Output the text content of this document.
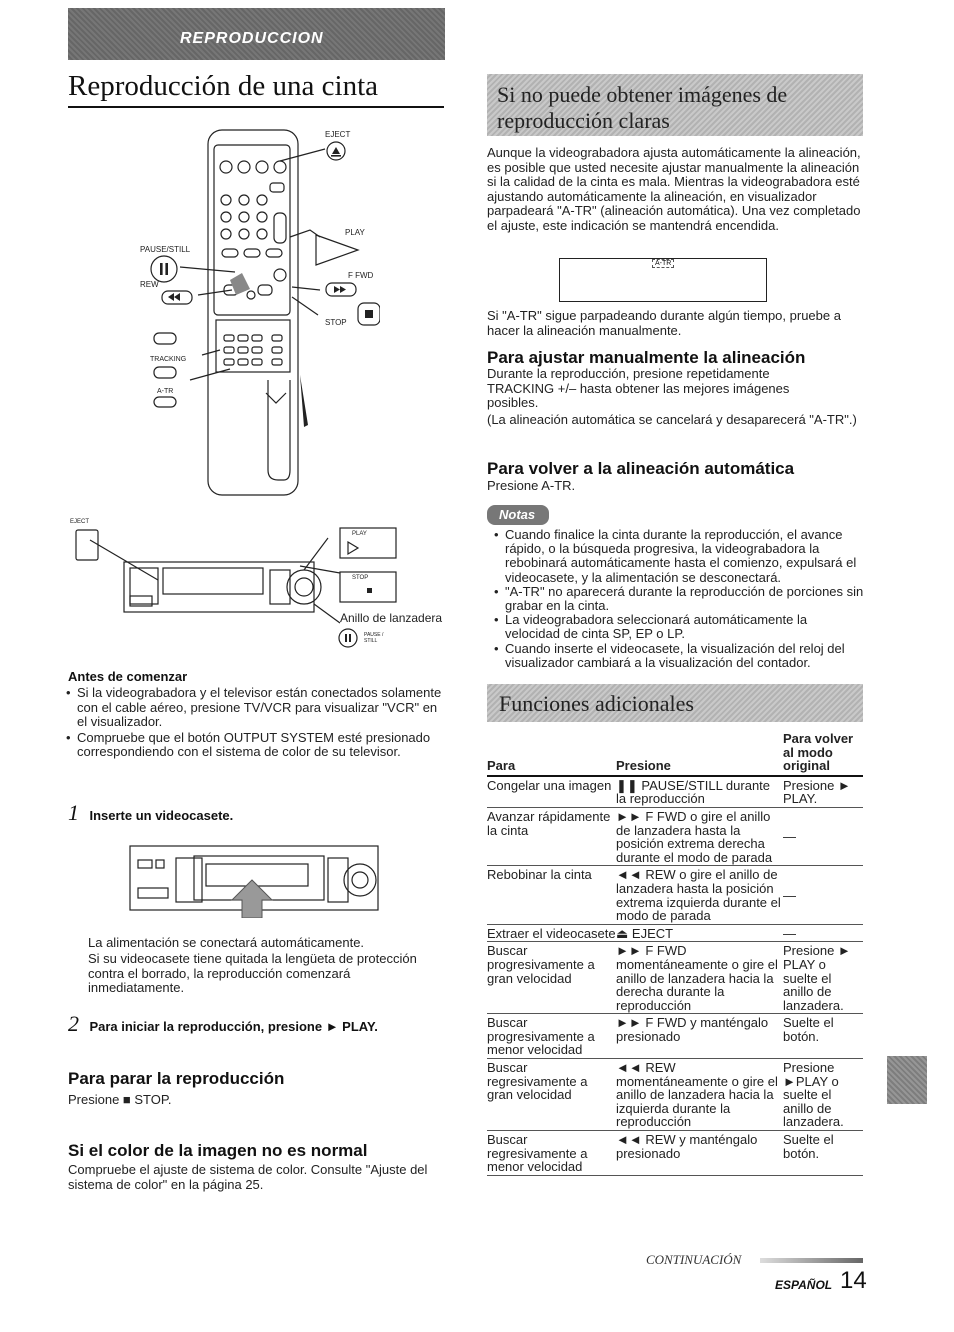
REPRODUCCION
Reproducción de una cinta
EJECT
PLAY
PAUSE/STILL
F FWD
REW
STOP
TRACKING
A-TR
EJECT
PLAY
STOP
Anillo de lanzadera
PAUSE / STILL
Antes de comenzar
• Si la videograbadora y el televisor están conectados solamente con el cable aéreo, presione TV/VCR para visualizar "VCR" en el visualizador.
• Compruebe que el botón OUTPUT SYSTEM esté presionado correspondiendo con el sistema de color de su televisor.
1 Inserte un videocasete.
La alimentación se conectará automáticamente.
Si su videocasete tiene quitada la lengüeta de protección contra el borrado, la reproducción comenzará inmediatamente.
2 Para iniciar la reproducción, presione ► PLAY.
Para parar la reproducción
Presione ■ STOP.
Si el color de la imagen no es normal
Compruebe el ajuste de sistema de color. Consulte "Ajuste del sistema de color" en la página 25.
Si no puede obtener imágenes de
reproducción claras
Aunque la videograbadora ajusta automáticamente la alineación, es posible que usted necesite ajustar manualmente la alineación si la calidad de la cinta es mala. Mientras la videograbadora esté ajustando automáticamente la alineación, en visualizador parpadeará "A-TR" (alineación automática). Una vez completado el ajuste, este indicación se mantendrá encendida.
A-TR
Si "A-TR" sigue parpadeando durante algún tiempo, pruebe a hacer la alineación manualmente.
Para ajustar manualmente la alineación
Durante la reproducción, presione repetidamente TRACKING +/– hasta obtener las mejores imágenes posibles.
(La alineación automática se cancelará y desaparecerá "A-TR".)
Para volver a la alineación automática
Presione A-TR.
Notas
• Cuando finalice la cinta durante la reproducción, el avance rápido, o la búsqueda progresiva, la videograbadora la rebobinará automáticamente hasta el comienzo, expulsará el videocasete, y la alimentación se desconectará.
• "A-TR" no aparecerá durante la reproducción de porciones sin grabar en la cinta.
• La videograbadora seleccionará automáticamente la velocidad de cinta SP, EP o LP.
• Cuando inserte el videocasete, la visualización del reloj del visualizador cambiará a la visualización del contador.
Funciones adicionales
Para	Presione	Para volver al modo original
Congelar una imagen	❚❚ PAUSE/STILL durante la reproducción	Presione ► PLAY.
Avanzar rápidamente la cinta	►► F FWD o gire el anillo de lanzadera hasta la posición extrema derecha durante el modo de parada	—
Rebobinar la cinta	◄◄ REW o gire el anillo de lanzadera hasta la posición extrema izquierda durante el modo de parada	—
Extraer el videocasete	⏏ EJECT	—
Buscar progresivamente a gran velocidad	►► F FWD momentáneamente o gire el anillo de lanzadera hacia la derecha durante la reproducción	Presione ► PLAY o suelte el anillo de lanzadera.
Buscar progresivamente a menor velocidad	►► F FWD y manténgalo presionado	Suelte el botón.
Buscar regresivamente a gran velocidad	◄◄ REW momentáneamente o gire el anillo de lanzadera hacia la izquierda durante la reproducción	Presione ►PLAY o suelte el anillo de lanzadera.
Buscar regresivamente a menor velocidad	◄◄ REW y manténgalo presionado	Suelte el botón.
CONTINUACIÓN
ESPAÑOL 14
